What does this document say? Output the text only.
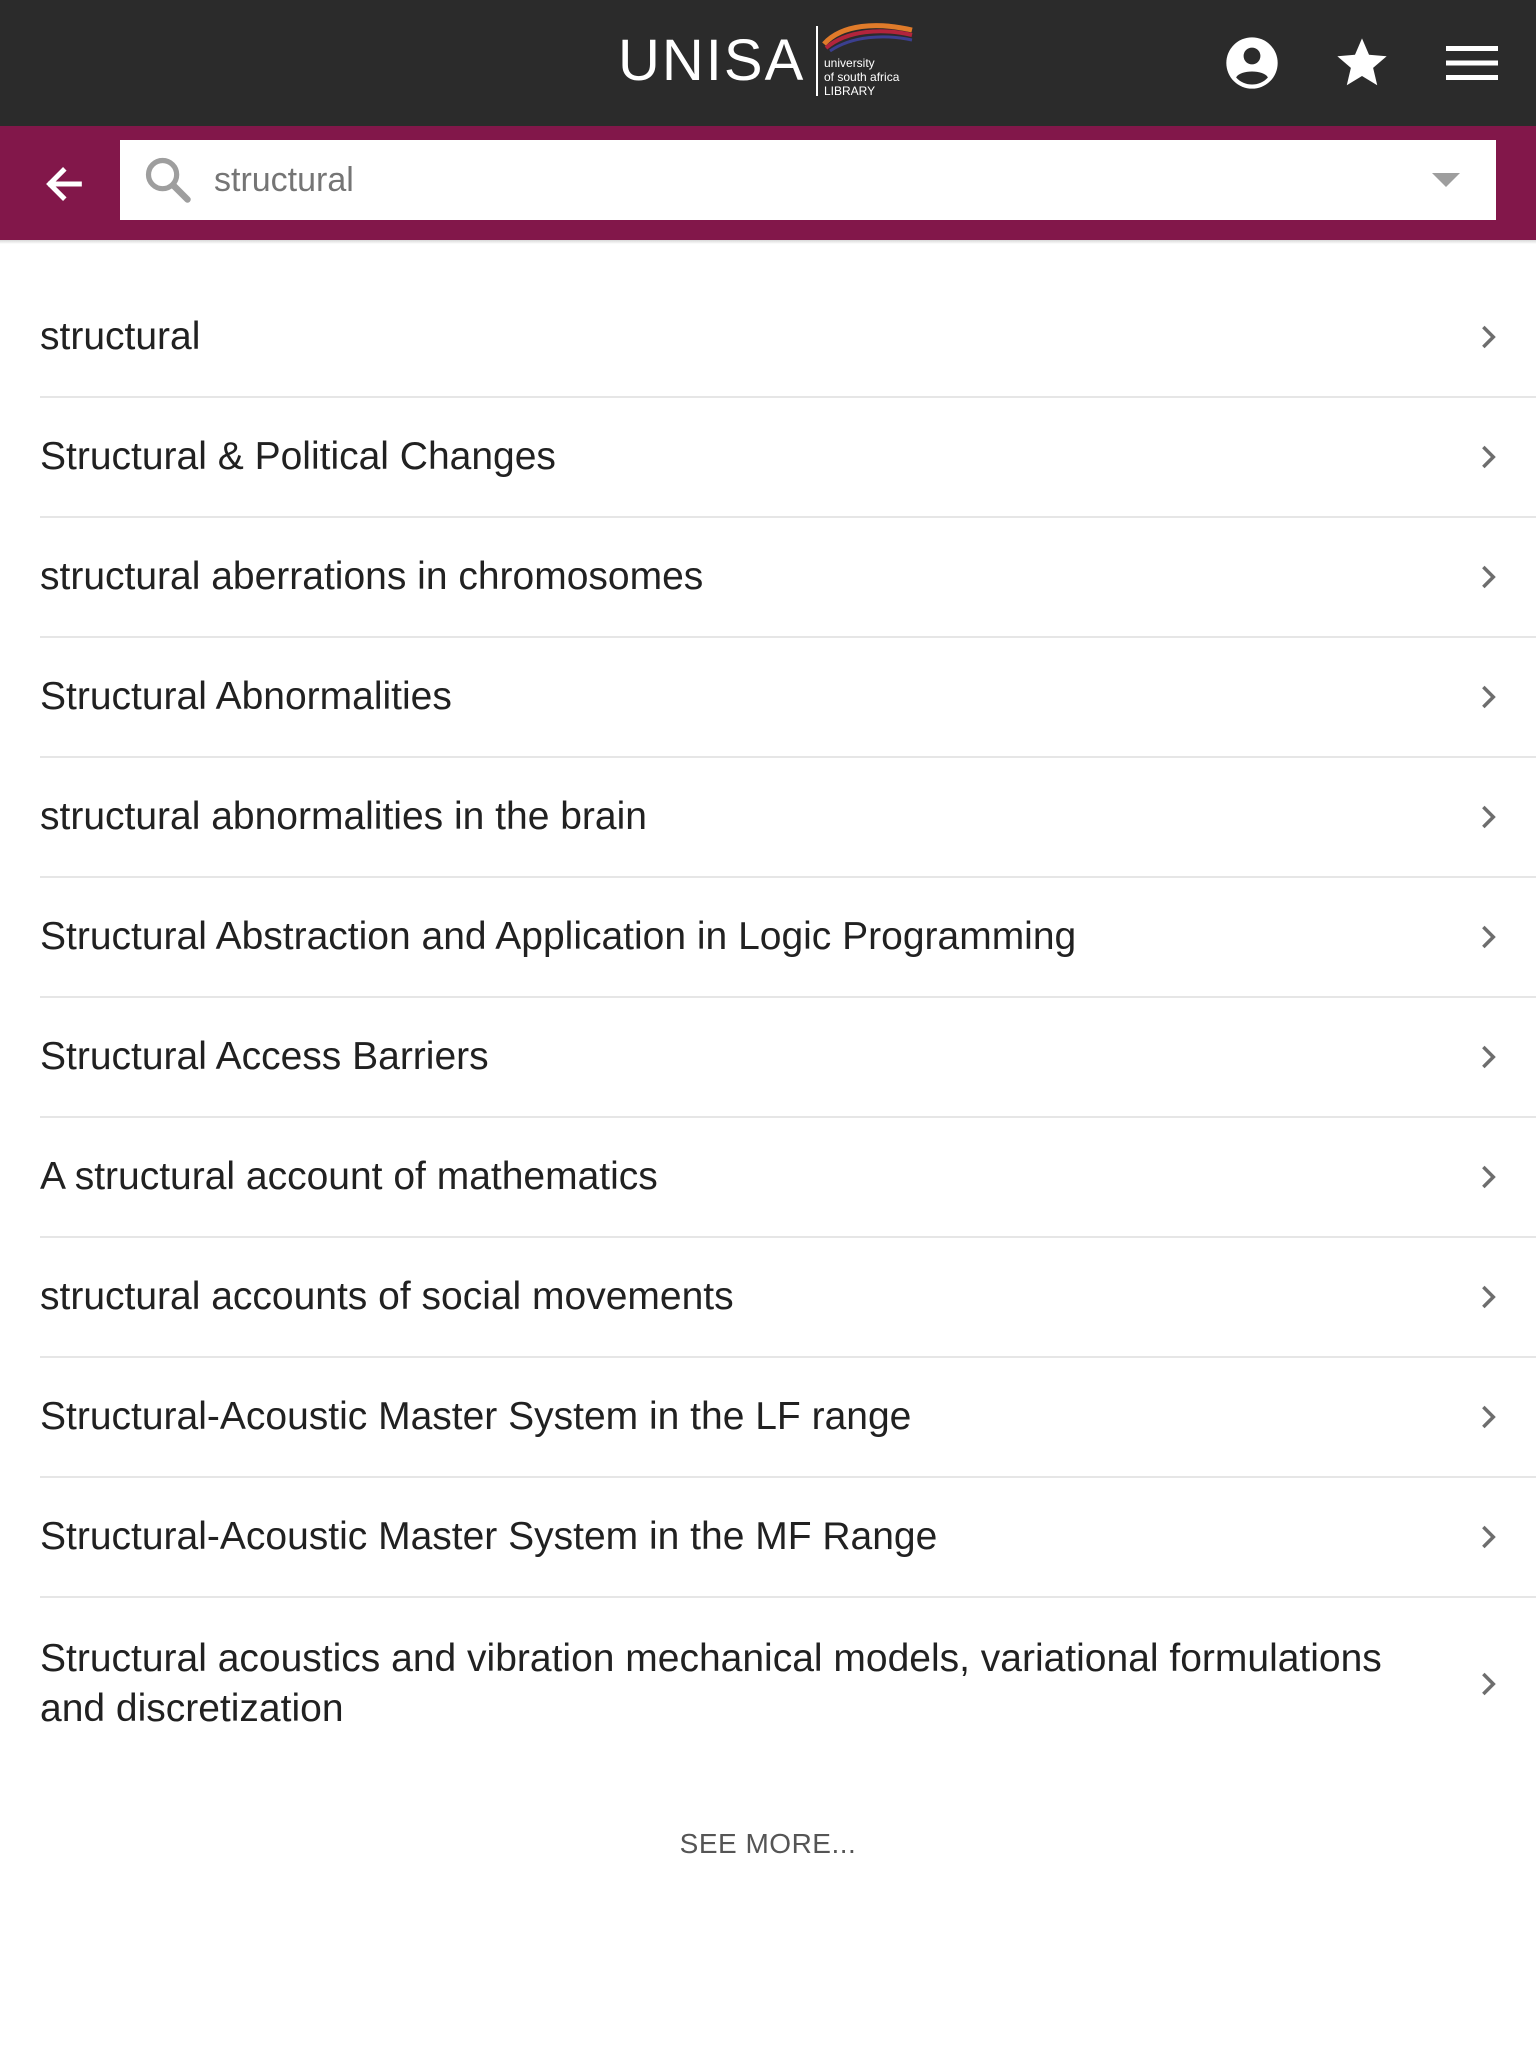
UNISA university
of south africa
LIBRARY
structural
structural
Structural & Political Changes
structural aberrations in chromosomes
Structural Abnormalities
structural abnormalities in the brain
Structural Abstraction and Application in Logic Programming
Structural Access Barriers
A structural account of mathematics
structural accounts of social movements
Structural-Acoustic Master System in the LF range
Structural-Acoustic Master System in the MF Range
Structural acoustics and vibration mechanical models, variational formulations and discretization
SEE MORE...
